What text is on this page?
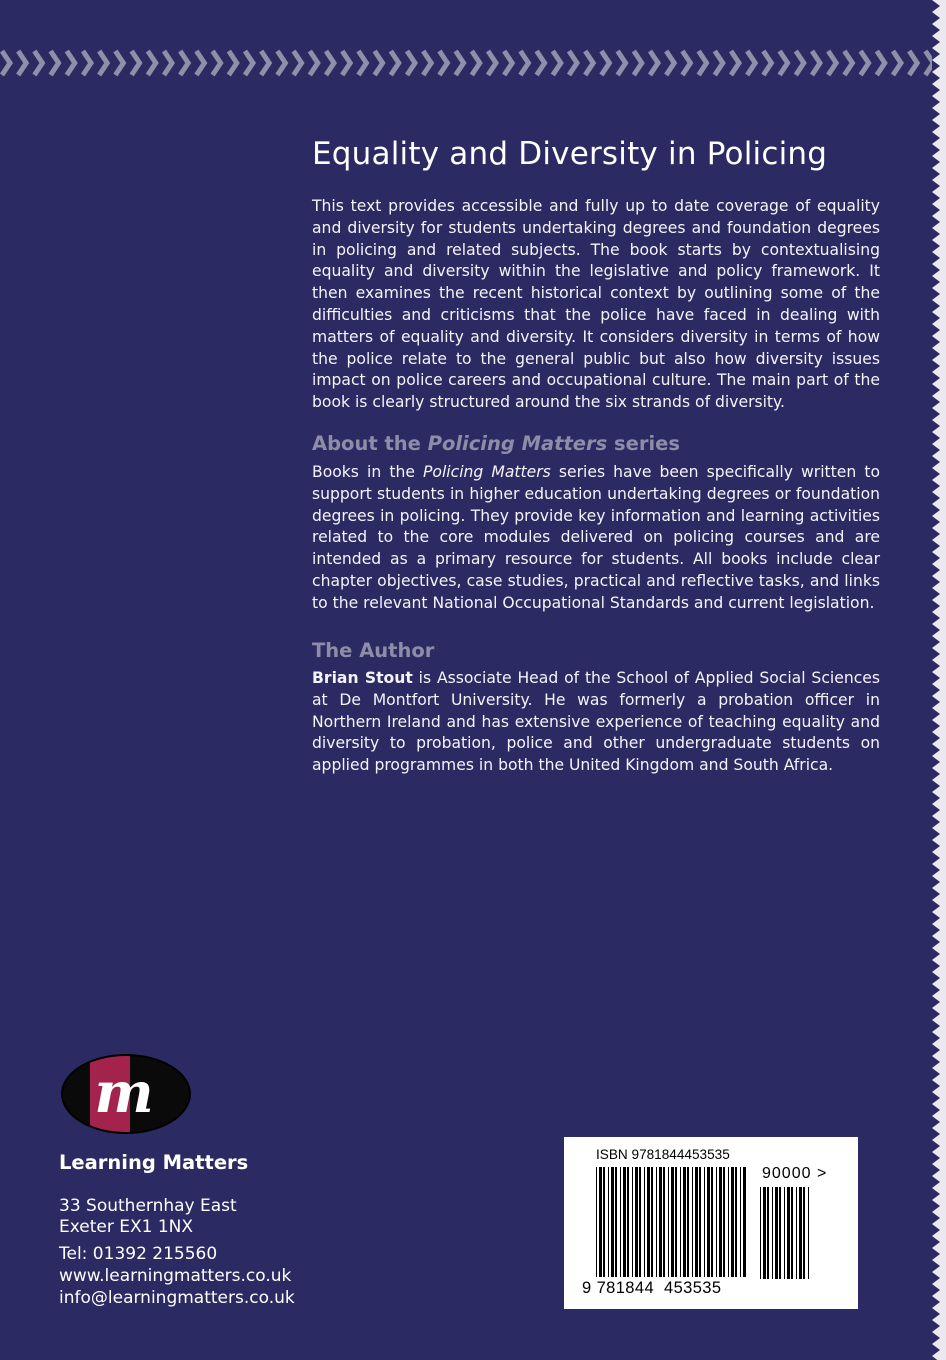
Equality and Diversity in Policing

This text provides accessible and fully up to date coverage of equality and diversity for students undertaking degrees and foundation degrees in policing and related subjects. The book starts by contextualising equality and diversity within the legislative and policy framework. It then examines the recent historical context by outlining some of the difficulties and criticisms that the police have faced in dealing with matters of equality and diversity. It considers diversity in terms of how the police relate to the general public but also how diversity issues impact on police careers and occupational culture. The main part of the book is clearly structured around the six strands of diversity.

About the Policing Matters series

Books in the Policing Matters series have been specifically written to support students in higher education undertaking degrees or foundation degrees in policing. They provide key information and learning activities related to the core modules delivered on policing courses and are intended as a primary resource for students. All books include clear chapter objectives, case studies, practical and reflective tasks, and links to the relevant National Occupational Standards and current legislation.

The Author

Brian Stout is Associate Head of the School of Applied Social Sciences at De Montfort University. He was formerly a probation officer in Northern Ireland and has extensive experience of teaching equality and diversity to probation, police and other undergraduate students on applied programmes in both the United Kingdom and South Africa.

m

Learning Matters

33 Southernhay East

Exeter EX1 1NX

Tel: 01392 215560

www.learningmatters.co.uk

info@learningmatters.co.uk

ISBN 9781844453535

90000 >

9 781844 453535
